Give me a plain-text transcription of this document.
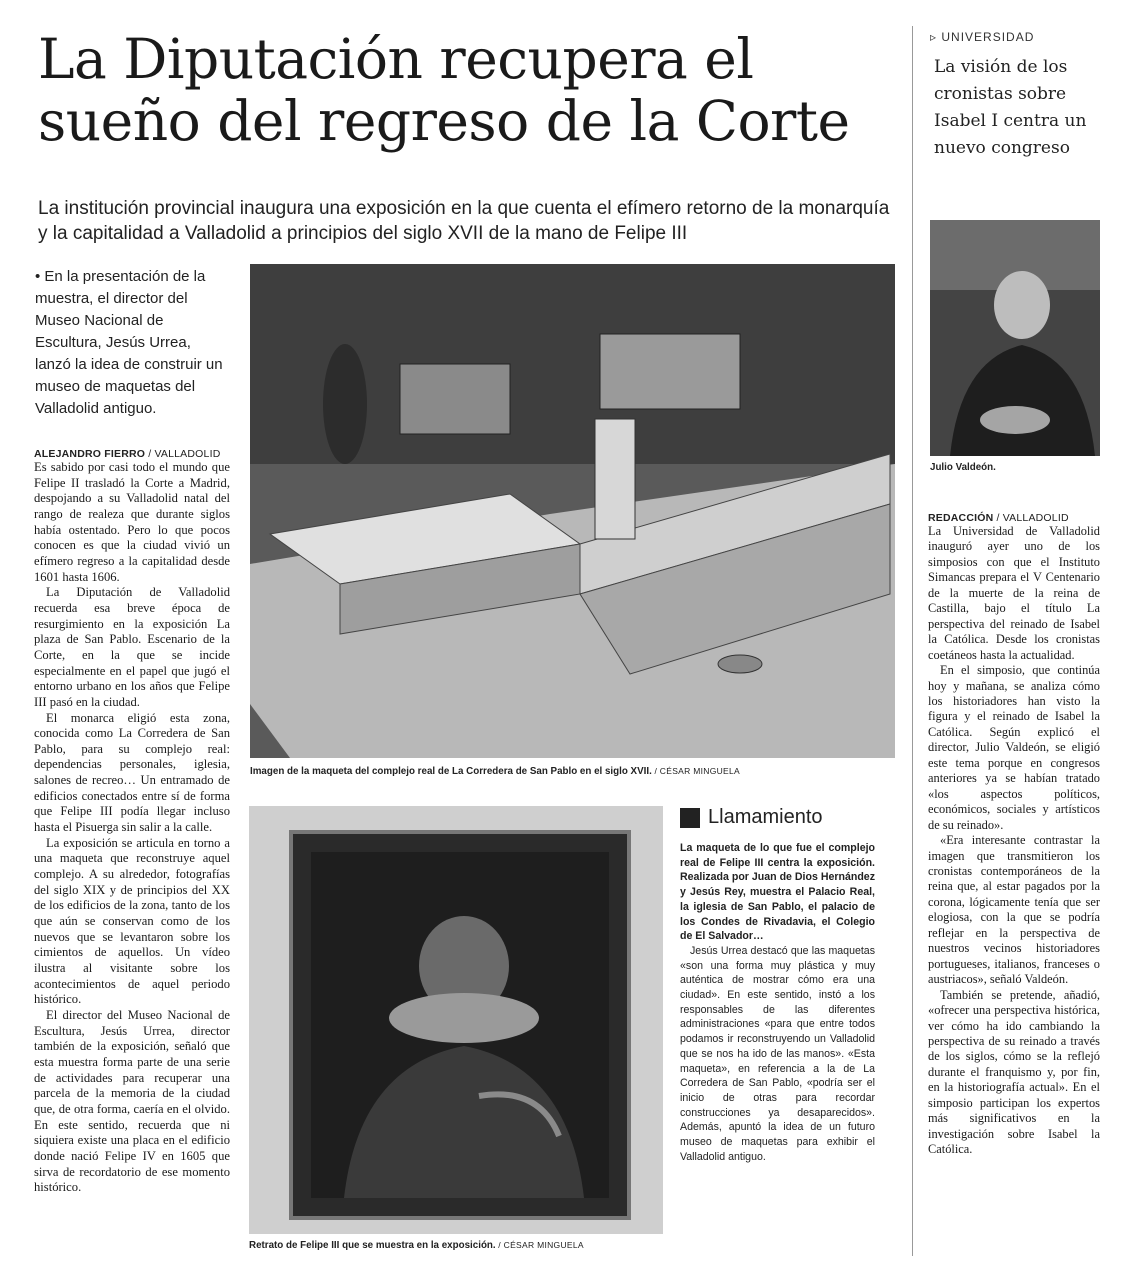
La Diputación recupera el sueño del regreso de la Corte
La institución provincial inaugura una exposición en la que cuenta el efímero retorno de la monarquía y la capitalidad a Valladolid a principios del siglo XVII de la mano de Felipe III
• En la presentación de la muestra, el director del Museo Nacional de Escultura, Jesús Urrea, lanzó la idea de construir un museo de maquetas del Valladolid antiguo.
ALEJANDRO FIERRO / VALLADOLID

Es sabido por casi todo el mundo que Felipe II trasladó la Corte a Madrid, despojando a su Valladolid natal del rango de realeza que durante siglos había ostentado. Pero lo que pocos conocen es que la ciudad vivió un efímero regreso a la capitalidad desde 1601 hasta 1606.

La Diputación de Valladolid recuerda esa breve época de resurgimiento en la exposición La plaza de San Pablo. Escenario de la Corte, en la que se incide especialmente en el papel que jugó el entorno urbano en los años que Felipe III pasó en la ciudad.

El monarca eligió esta zona, conocida como La Corredera de San Pablo, para su complejo real: dependencias personales, iglesia, salones de recreo… Un entramado de edificios conectados entre sí de forma que Felipe III podía llegar incluso hasta el Pisuerga sin salir a la calle.

La exposición se articula en torno a una maqueta que reconstruye aquel complejo. A su alrededor, fotografías del siglo XIX y de principios del XX de los edificios de la zona, tanto de los que aún se conservan como de los nuevos que se levantaron sobre los cimientos de aquellos. Un vídeo ilustra al visitante sobre los acontecimientos de aquel periodo histórico.

El director del Museo Nacional de Escultura, Jesús Urrea, director también de la exposición, señaló que esta muestra forma parte de una serie de actividades para recuperar una parcela de la memoria de la ciudad que, de otra forma, caería en el olvido. En este sentido, recuerda que ni siquiera existe una placa en el edificio donde nació Felipe IV en 1605 que sirva de recordatorio de ese momento histórico.

Imagen de la maqueta del complejo real de La Corredera de San Pablo en el siglo XVII. / CÉSAR MINGUELA
Retrato de Felipe III que se muestra en la exposición. / CÉSAR MINGUELA
Llamamiento

La maqueta de lo que fue el complejo real de Felipe III centra la exposición. Realizada por Juan de Dios Hernández y Jesús Rey, muestra el Palacio Real, la iglesia de San Pablo, el palacio de los Condes de Rivadavia, el Colegio de El Salvador…

Jesús Urrea destacó que las maquetas «son una forma muy plástica y muy auténtica de mostrar cómo era una ciudad». En este sentido, instó a los responsables de las diferentes administraciones «para que entre todos podamos ir reconstruyendo un Valladolid que se nos ha ido de las manos». «Esta maqueta», en referencia a la de La Corredera de San Pablo, «podría ser el inicio de otras para recordar construcciones ya desaparecidos». Además, apuntó la idea de un futuro museo de maquetas para exhibir el Valladolid antiguo.

▹ UNIVERSIDAD
La visión de los cronistas sobre Isabel I centra un nuevo congreso
Julio Valdeón.
REDACCIÓN / VALLADOLID

La Universidad de Valladolid inauguró ayer uno de los simposios con que el Instituto Simancas prepara el V Centenario de la muerte de la reina de Castilla, bajo el título La perspectiva del reinado de Isabel la Católica. Desde los cronistas coetáneos hasta la actualidad.

En el simposio, que continúa hoy y mañana, se analiza cómo los historiadores han visto la figura y el reinado de Isabel la Católica. Según explicó el director, Julio Valdeón, se eligió este tema porque en congresos anteriores ya se habían tratado «los aspectos políticos, económicos, sociales y artísticos de su reinado».

«Era interesante contrastar la imagen que transmitieron los cronistas contemporáneos de la reina que, al estar pagados por la corona, lógicamente tenía que ser elogiosa, con la que se podría reflejar en la perspectiva de nuestros vecinos historiadores portugueses, italianos, franceses o austriacos», señaló Valdeón.

También se pretende, añadió, «ofrecer una perspectiva histórica, ver cómo ha ido cambiando la perspectiva de su reinado a través de los siglos, cómo se la reflejó durante el franquismo y, por fin, en la historiografía actual». En el simposio participan los expertos más significativos en la investigación sobre Isabel la Católica.
